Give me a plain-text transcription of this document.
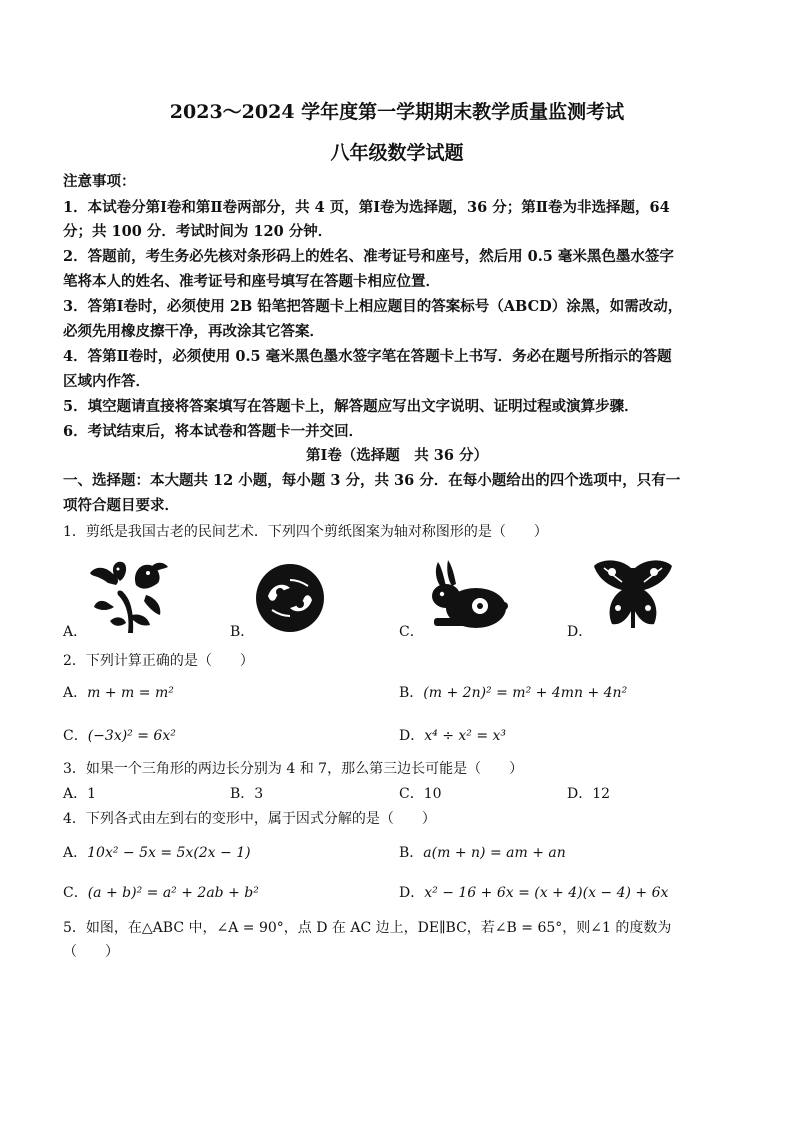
2023～2024 学年度第一学期期末教学质量监测考试
八年级数学试题
注意事项：
1．本试卷分第Ⅰ卷和第Ⅱ卷两部分，共 4 页，第Ⅰ卷为选择题，36 分；第Ⅱ卷为非选择题，64
分；共 100 分．考试时间为 120 分钟．
2．答题前，考生务必先核对条形码上的姓名、准考证号和座号，然后用 0.5 毫米黑色墨水签字
笔将本人的姓名、准考证号和座号填写在答题卡相应位置．
3．答第Ⅰ卷时，必须使用 2B 铅笔把答题卡上相应题目的答案标号（ABCD）涂黑，如需改动，
必须先用橡皮擦干净，再改涂其它答案．
4．答第Ⅱ卷时，必须使用 0.5 毫米黑色墨水签字笔在答题卡上书写．务必在题号所指示的答题
区域内作答．
5．填空题请直接将答案填写在答题卡上，解答题应写出文字说明、证明过程或演算步骤．
6．考试结束后，将本试卷和答题卡一并交回．
第Ⅰ卷（选择题　共 36 分）
一、选择题：本大题共 12 小题，每小题 3 分，共 36 分．在每小题给出的四个选项中，只有一
项符合题目要求．
1．剪纸是我国古老的民间艺术．下列四个剪纸图案为轴对称图形的是（　　）
A．	B．	C．	D．
2．下列计算正确的是（　　）
A．m + m = m²	B．(m + 2n)² = m² + 4mn + 4n²
C．(−3x)² = 6x²	D．x⁴ ÷ x² = x³
3．如果一个三角形的两边长分别为 4 和 7，那么第三边长可能是（　　）
A．1	B．3	C．10	D．12
4．下列各式由左到右的变形中，属于因式分解的是（　　）
A．10x² − 5x = 5x(2x − 1)	B．a(m + n) = am + an
C．(a + b)² = a² + 2ab + b²	D．x² − 16 + 6x = (x + 4)(x − 4) + 6x
5．如图，在△ABC 中，∠A = 90°，点 D 在 AC 边上，DE∥BC，若∠B = 65°，则∠1 的度数为
（　　）
